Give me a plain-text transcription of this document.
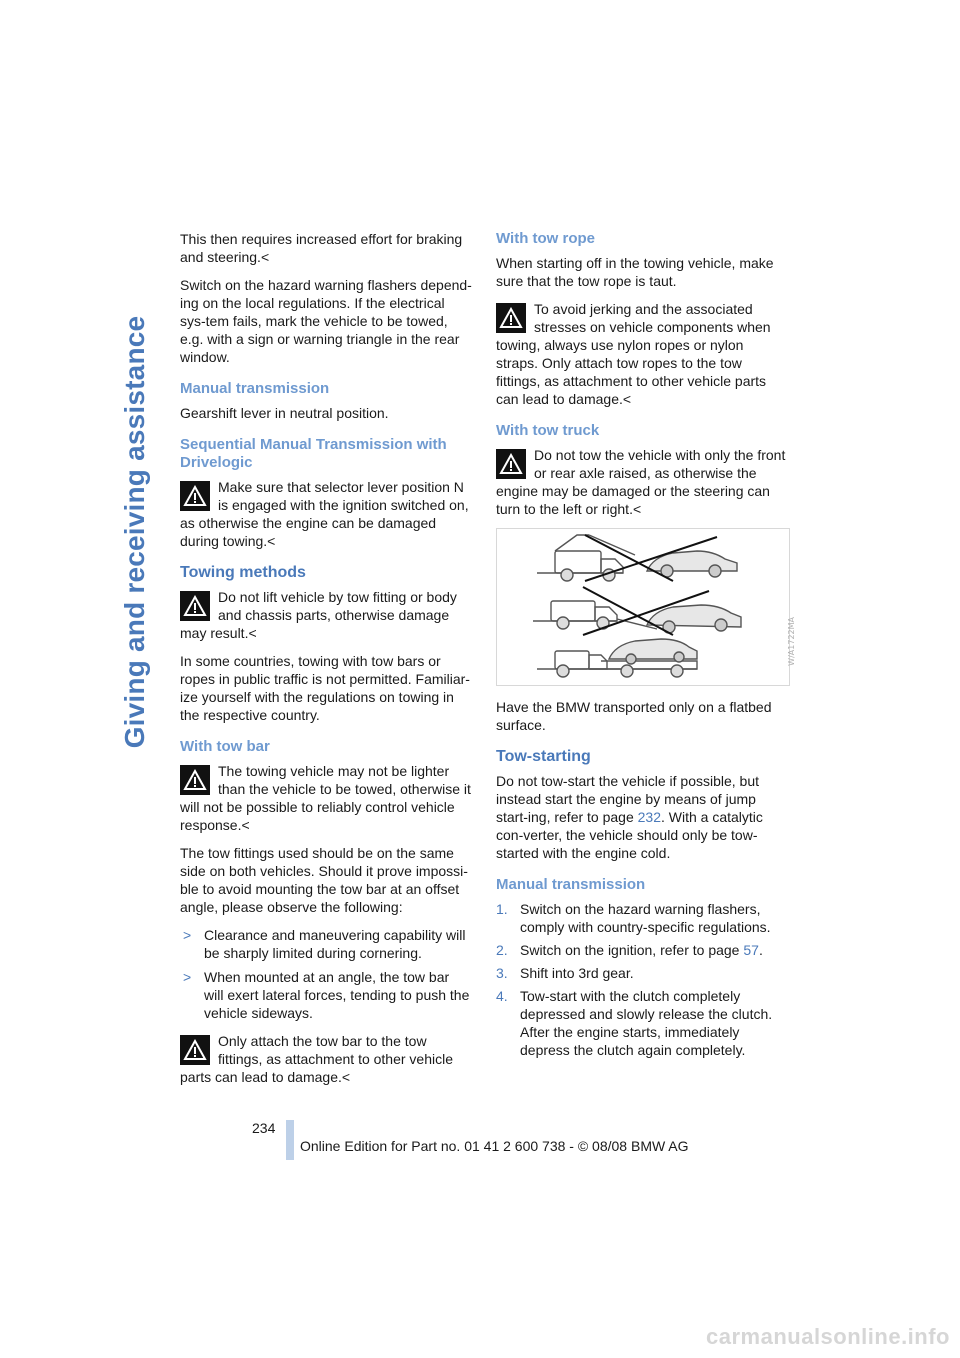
Giving and receiving assistance

This then requires increased effort for braking and steering.<

Switch on the hazard warning flashers depend-ing on the local regulations. If the electrical sys-tem fails, mark the vehicle to be towed, e.g. with a sign or warning triangle in the rear window.

Manual transmission

Gearshift lever in neutral position.

Sequential Manual Transmission with Drivelogic
Make sure that selector lever position N is engaged with the ignition switched on, as otherwise the engine can be damaged during towing.<
Towing methods
Do not lift vehicle by tow fitting or body and chassis parts, otherwise damage may result.<

In some countries, towing with tow bars or ropes in public traffic is not permitted. Familiar-ize yourself with the regulations on towing in the respective country.

With tow bar
The towing vehicle may not be lighter than the vehicle to be towed, otherwise it will not be possible to reliably control vehicle response.<

The tow fittings used should be on the same side on both vehicles. Should it prove impossi-ble to avoid mounting the tow bar at an offset angle, please observe the following:

> Clearance and maneuvering capability will be sharply limited during cornering.
> When mounted at an angle, the tow bar will exert lateral forces, tending to push the vehicle sideways.
Only attach the tow bar to the tow fittings, as attachment to other vehicle parts can lead to damage.<
With tow rope

When starting off in the towing vehicle, make sure that the tow rope is taut.

To avoid jerking and the associated stresses on vehicle components when towing, always use nylon ropes or nylon straps. Only attach tow ropes to the tow fittings, as attachment to other vehicle parts can lead to damage.<
With tow truck
Do not tow the vehicle with only the front or rear axle raised, as otherwise the engine may be damaged or the steering can turn to the left or right.<
W/A1722MA

Have the BMW transported only on a flatbed surface.

Tow-starting

Do not tow-start the vehicle if possible, but instead start the engine by means of jump start-ing, refer to page 232. With a catalytic con-verter, the vehicle should only be tow-started with the engine cold.

Manual transmission
1. Switch on the hazard warning flashers, comply with country-specific regulations.
2. Switch on the ignition, refer to page 57.
3. Shift into 3rd gear.
4. Tow-start with the clutch completely depressed and slowly release the clutch. After the engine starts, immediately depress the clutch again completely.
234
Online Edition for Part no. 01 41 2 600 738 - © 08/08 BMW AG
carmanualsonline.info
